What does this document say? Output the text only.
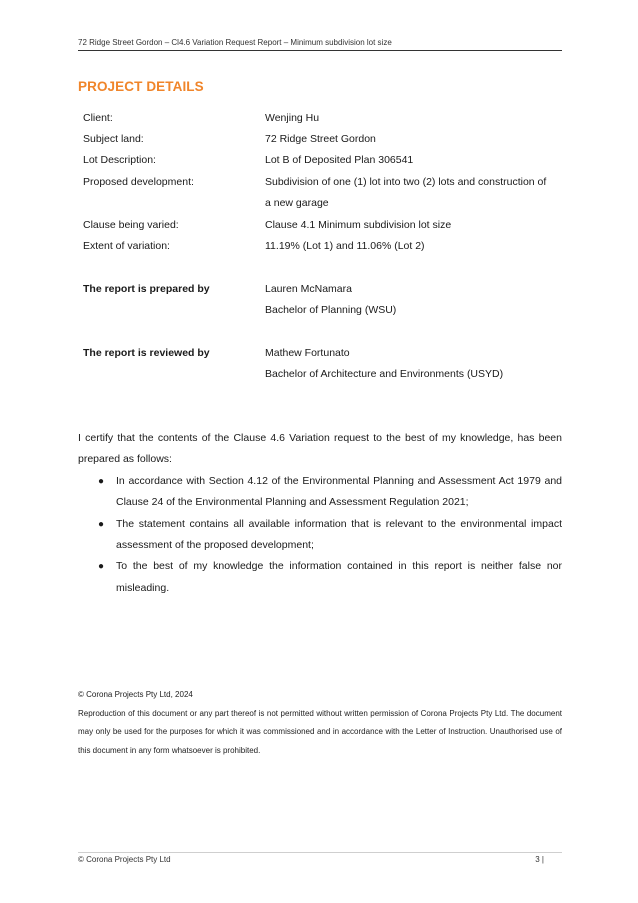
72 Ridge Street Gordon – Cl4.6 Variation Request Report – Minimum subdivision lot size
PROJECT DETAILS
Client:	Wenjing Hu
Subject land:	72 Ridge Street Gordon
Lot Description:	Lot B of Deposited Plan 306541
Proposed development:	Subdivision of one (1) lot into two (2) lots and construction of
	a new garage
Clause being varied:	Clause 4.1 Minimum subdivision lot size
Extent of variation:	11.19% (Lot 1) and 11.06% (Lot 2)

The report is prepared by	Lauren McNamara
	Bachelor of Planning (WSU)

The report is reviewed by	Mathew Fortunato
	Bachelor of Architecture and Environments (USYD)

I certify that the contents of the Clause 4.6 Variation request to the best of my knowledge, has been prepared as follows:

● In accordance with Section 4.12 of the Environmental Planning and Assessment Act 1979 and Clause 24 of the Environmental Planning and Assessment Regulation 2021;
● The statement contains all available information that is relevant to the environmental impact assessment of the proposed development;
● To the best of my knowledge the information contained in this report is neither false nor misleading.

© Corona Projects Pty Ltd, 2024

Reproduction of this document or any part thereof is not permitted without written permission of Corona Projects Pty Ltd. The document may only be used for the purposes for which it was commissioned and in accordance with the Letter of Instruction. Unauthorised use of this document in any form whatsoever is prohibited.

© Corona Projects Pty Ltd	3 |
